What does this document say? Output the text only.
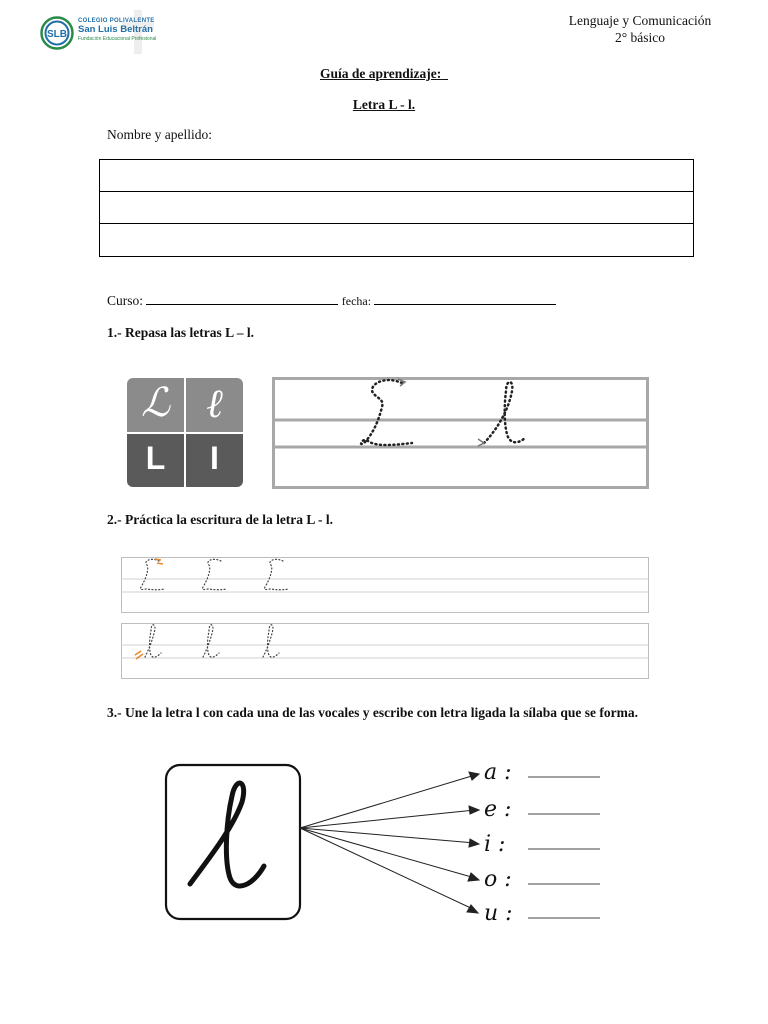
SLB
COLEGIO POLIVALENTE
San Luis Beltrán
Fundación Educacional Profesional
Lenguaje y Comunicación
2° básico
Guía de aprendizaje:
Letra L - l.
Nombre y apellido:
Curso:	fecha:
1.- Repasa las letras L – l.
ℒ ℓ
L	I
2.- Práctica la escritura de la letra L - l.
3.- Une la letra l con cada una de las vocales y escribe con letra ligada la sílaba que se forma.
a :
e :
i :
o :
u :
